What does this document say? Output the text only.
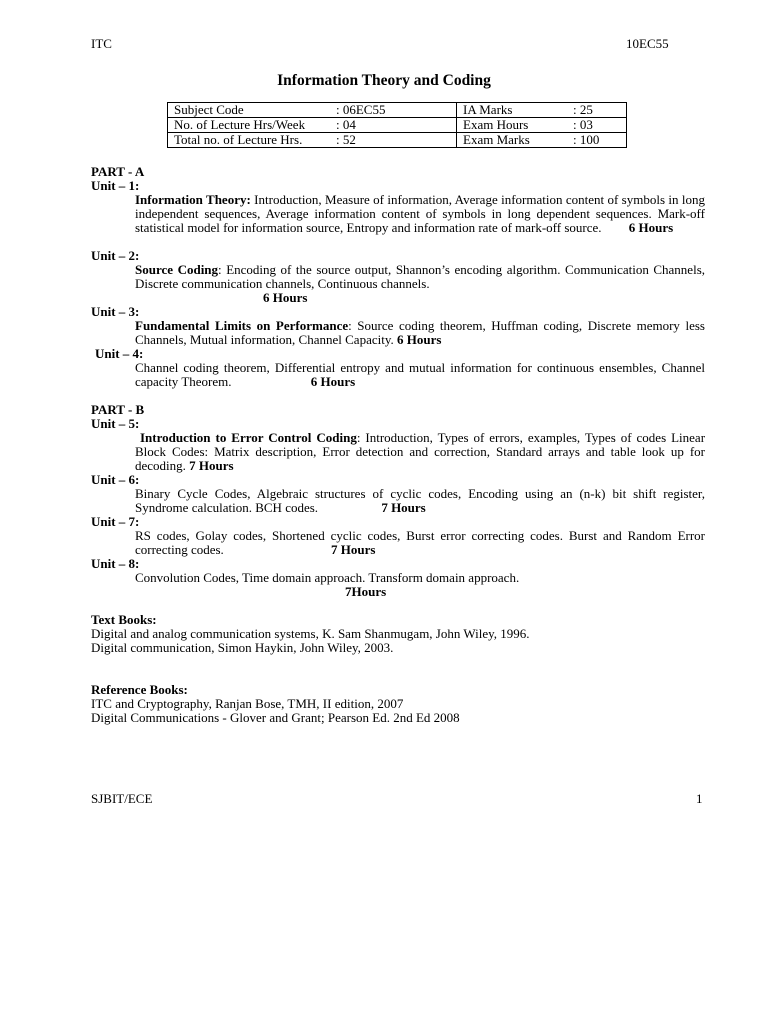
ITC	10EC55
Information Theory and Coding
Subject Code : 06EC55	IA Marks : 25
No. of Lecture Hrs/Week : 04	Exam Hours : 03
Total no. of Lecture Hrs. : 52	Exam Marks : 100
PART - A
Unit – 1:

Information Theory: Introduction, Measure of information, Average information content of symbols in long independent sequences, Average information content of symbols in long dependent sequences. Mark-off statistical model for information source, Entropy and information rate of mark-off source. 6 Hours

Unit – 2:
Source Coding: Encoding of the source output, Shannon’s encoding algorithm. Communication Channels, Discrete communication channels, Continuous channels.
6 Hours
Unit – 3:

Fundamental Limits on Performance: Source coding theorem, Huffman coding, Discrete memory less Channels, Mutual information, Channel Capacity. 6 Hours

Unit – 4:

Channel coding theorem, Differential entropy and mutual information for continuous ensembles, Channel capacity Theorem.	6 Hours

PART - B
Unit – 5:

Introduction to Error Control Coding: Introduction, Types of errors, examples, Types of codes Linear Block Codes: Matrix description, Error detection and correction, Standard arrays and table look up for decoding. 7 Hours

Unit – 6:

Binary Cycle Codes, Algebraic structures of cyclic codes, Encoding using an (n-k) bit shift register, Syndrome calculation. BCH codes.	7 Hours

Unit – 7:

RS codes, Golay codes, Shortened cyclic codes, Burst error correcting codes. Burst and Random Error correcting codes.	7 Hours

Unit – 8:
Convolution Codes, Time domain approach. Transform domain approach.
7Hours
Text Books:
Digital and analog communication systems, K. Sam Shanmugam, John Wiley, 1996.
Digital communication, Simon Haykin, John Wiley, 2003.
Reference Books:
ITC and Cryptography, Ranjan Bose, TMH, II edition, 2007
Digital Communications - Glover and Grant; Pearson Ed. 2nd Ed 2008
SJBIT/ECE	1
